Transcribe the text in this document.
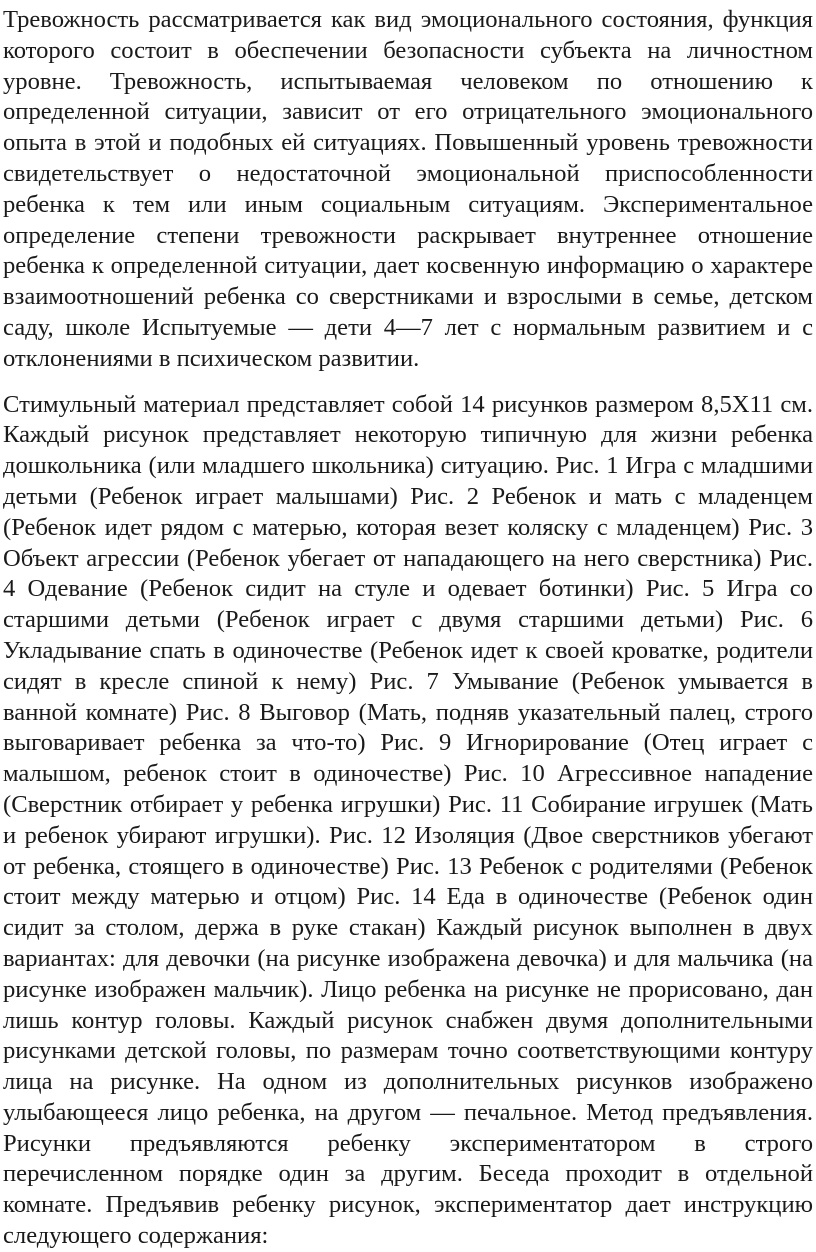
Тревожность рассматривается как вид эмоционального состояния, функция которого состоит в обеспечении безопасности субъекта на личностном уровне. Тревожность, испытываемая человеком по отношению к определенной ситуации, зависит от его отрицательного эмоционального опыта в этой и подобных ей ситуациях. Повышенный уровень тревожности свидетельствует о недостаточной эмоциональной приспособленности ребенка к тем или иным социальным ситуациям. Экспериментальное определение степени тревожности раскрывает внутреннее отношение ребенка к определенной ситуации, дает косвенную информацию о характере взаимоотношений ребенка со сверстниками и взрослыми в семье, детском саду, школе Испытуемые — дети 4—7 лет с нормальным развитием и с отклонениями в психическом развитии.

Стимульный материал представляет собой 14 рисунков размером 8,5Х11 см. Каждый рисунок представляет некоторую типичную для жизни ребенка дошкольника (или младшего школьника) ситуацию. Рис. 1 Игра с младшими детьми (Ребенок играет малышами) Рис. 2 Ребенок и мать с младенцем (Ребенок идет рядом с матерью, которая везет коляску с младенцем) Рис. 3 Объект агрессии (Ребенок убегает от нападающего на него сверстника) Рис. 4 Одевание (Ребенок сидит на стуле и одевает ботинки) Рис. 5 Игра со старшими детьми (Ребенок играет с двумя старшими детьми) Рис. 6 Укладывание спать в одиночестве (Ребенок идет к своей кроватке, родители сидят в кресле спиной к нему) Рис. 7 Умывание (Ребенок умывается в ванной комнате) Рис. 8 Выговор (Мать, подняв указательный палец, строго выговаривает ребенка за что-то) Рис. 9 Игнорирование (Отец играет с малышом, ребенок стоит в одиночестве) Рис. 10 Агрессивное нападение (Сверстник отбирает у ребенка игрушки) Рис. 11 Собирание игрушек (Мать и ребенок убирают игрушки). Рис. 12 Изоляция (Двое сверстников убегают от ребенка, стоящего в одиночестве) Рис. 13 Ребенок с родителями (Ребенок стоит между матерью и отцом) Рис. 14 Еда в одиночестве (Ребенок один сидит за столом, держа в руке стакан) Каждый рисунок выполнен в двух вариантах: для девочки (на рисунке изображена девочка) и для мальчика (на рисунке изображен мальчик). Лицо ребенка на рисунке не прорисовано, дан лишь контур головы. Каждый рисунок снабжен двумя дополнительными рисунками детской головы, по размерам точно соответствующими контуру лица на рисунке. На одном из дополнительных рисунков изображено улыбающееся лицо ребенка, на другом — печальное. Метод предъявления. Рисунки предъявляются ребенку экспериментатором в строго перечисленном порядке один за другим. Беседа проходит в отдельной комнате. Предъявив ребенку рисунок, экспериментатор дает инструкцию следующего содержания:
